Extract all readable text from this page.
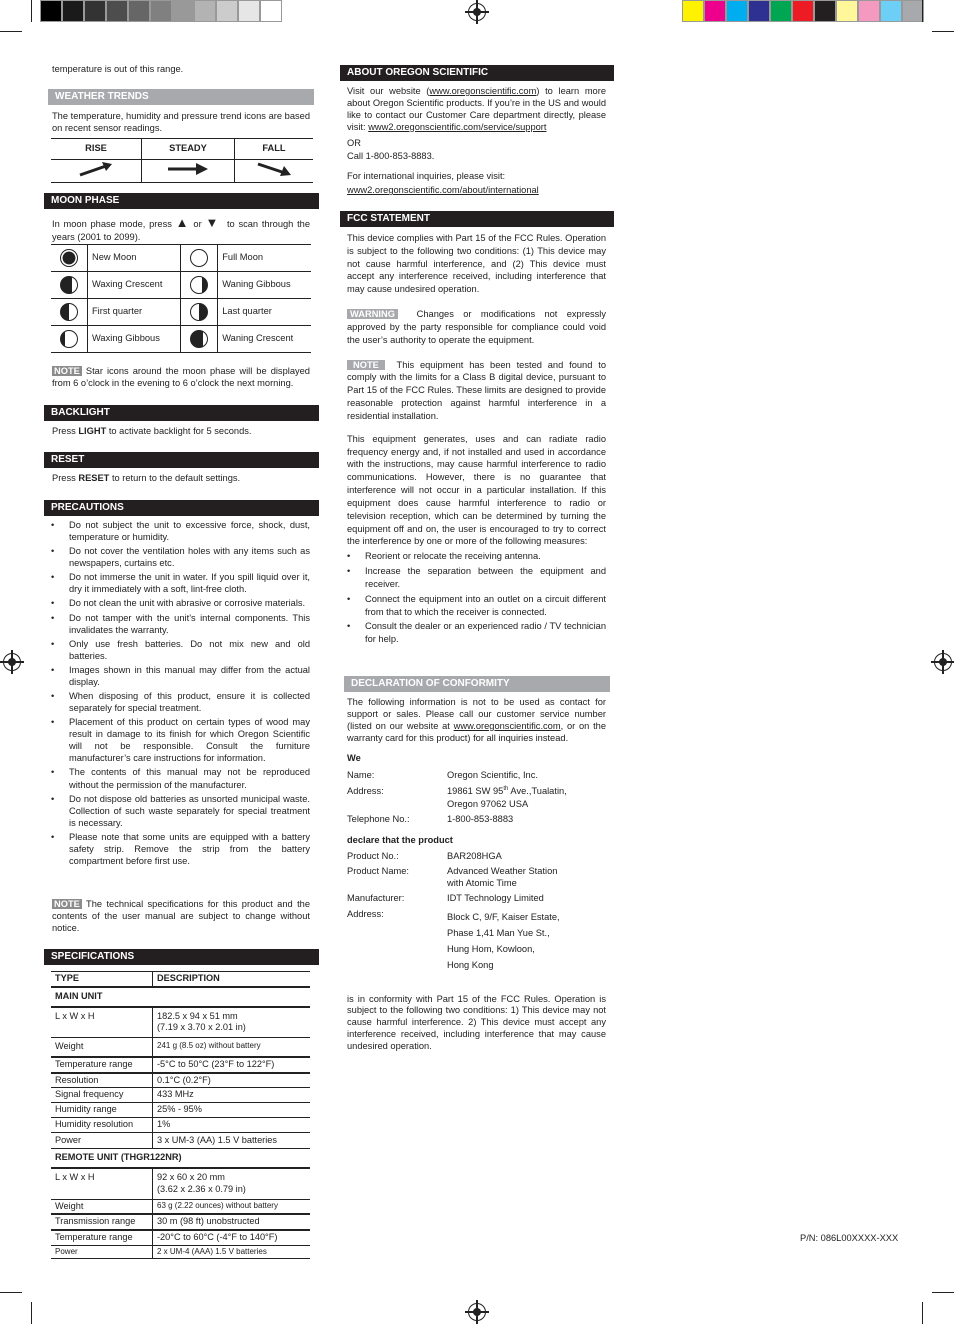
temperature is out of this range.

WEATHER TRENDS

The temperature, humidity and pressure trend icons are based on recent sensor readings.

RISE	STEADY	FALL

MOON PHASE

In moon phase mode, press ▲ or ▼ to scan through the years (2001 to 2099).

	New Moon		Full Moon
	Waxing Crescent		Waning Gibbous
	First quarter		Last quarter
	Waxing Gibbous		Waning Crescent

NOTE Star icons around the moon phase will be displayed from 6 o’clock in the evening to 6 o’clock the next morning.

BACKLIGHT

Press LIGHT to activate backlight for 5 seconds.

RESET

Press RESET to return to the default settings.

PRECAUTIONS
• Do not subject the unit to excessive force, shock, dust, temperature or humidity.
• Do not cover the ventilation holes with any items such as newspapers, curtains etc.
• Do not immerse the unit in water. If you spill liquid over it, dry it immediately with a soft, lint-free cloth.
• Do not clean the unit with abrasive or corrosive materials.
• Do not tamper with the unit’s internal components. This invalidates the warranty.
• Only use fresh batteries. Do not mix new and old batteries.
• Images shown in this manual may differ from the actual display.
• When disposing of this product, ensure it is collected separately for special treatment.
• Placement of this product on certain types of wood may result in damage to its finish for which Oregon Scientific will not be responsible. Consult the furniture manufacturer’s care instructions for information.
• The contents of this manual may not be reproduced without the permission of the manufacturer.
• Do not dispose old batteries as unsorted municipal waste. Collection of such waste separately for special treatment is necessary.
• Please note that some units are equipped with a battery safety strip. Remove the strip from the battery compartment before first use.

NOTE The technical specifications for this product and the contents of the user manual are subject to change without notice.

SPECIFICATIONS
TYPE	DESCRIPTION
MAIN UNIT	
L x W x H	182.5 x 94 x 51 mm
(7.19 x 3.70 x 2.01 in)
Weight	241 g (8.5 oz) without battery
Temperature range	-5°C to 50°C (23°F to 122°F)
Resolution	0.1°C (0.2°F)
Signal frequency	433 MHz
Humidity range	25% - 95%
Humidity resolution	1%
Power	3 x UM-3 (AA) 1.5 V batteries
REMOTE UNIT (THGR122NR)	
L x W x H	92 x 60 x 20 mm
(3.62 x 2.36 x 0.79 in)
Weight	63 g (2.22 ounces) without battery
Transmission range	30 m (98 ft) unobstructed
Temperature range	-20°C to 60°C (-4°F to 140°F)
Power	2 x UM-4 (AAA) 1.5 V batteries
ABOUT OREGON SCIENTIFIC

Visit our website (www.oregonscientific.com) to learn more about Oregon Scientific products. If you’re in the US and would like to contact our Customer Care department directly, please visit: www2.oregonscientific.com/service/support

OR

Call 1-800-853-8883.

For international inquiries, please visit:

www2.oregonscientific.com/about/international

FCC STATEMENT

This device complies with Part 15 of the FCC Rules. Operation is subject to the following two conditions: (1) This device may not cause harmful interference, and (2) This device must accept any interference received, including interference that may cause undesired operation.

WARNING Changes or modifications not expressly approved by the party responsible for compliance could void the user’s authority to operate the equipment.

NOTE This equipment has been tested and found to comply with the limits for a Class B digital device, pursuant to Part 15 of the FCC Rules. These limits are designed to provide reasonable protection against harmful interference in a residential installation.

This equipment generates, uses and can radiate radio frequency energy and, if not installed and used in accordance with the instructions, may cause harmful interference to radio communications. However, there is no guarantee that interference will not occur in a particular installation. If this equipment does cause harmful interference to radio or television reception, which can be determined by turning the equipment off and on, the user is encouraged to try to correct the interference by one or more of the following measures:

• Reorient or relocate the receiving antenna.
• Increase the separation between the equipment and receiver.
• Connect the equipment into an outlet on a circuit different from that to which the receiver is connected.
• Consult the dealer or an experienced radio / TV technician for help.
DECLARATION OF CONFORMITY

The following information is not to be used as contact for support or sales. Please call our customer service number (listed on our website at www.oregonscientific.com, or on the warranty card for this product) for all inquiries instead.

We

Name:	Oregon Scientific, Inc.
Address:	19861 SW 95th Ave.,Tualatin,
Oregon 97062 USA
Telephone No.:	1-800-853-8883

declare that the product

Product No.:	BAR208HGA
Product Name:	Advanced Weather Station
with Atomic Time
Manufacturer:	IDT Technology Limited
Address:	Block C, 9/F, Kaiser Estate,
Phase 1,41 Man Yue St.,
Hung Hom, Kowloon,
Hong Kong

is in conformity with Part 15 of the FCC Rules. Operation is subject to the following two conditions: 1) This device may not cause harmful interference. 2) This device must accept any interference received, including interference that may cause undesired operation.

P/N: 086L00XXXX-XXX
